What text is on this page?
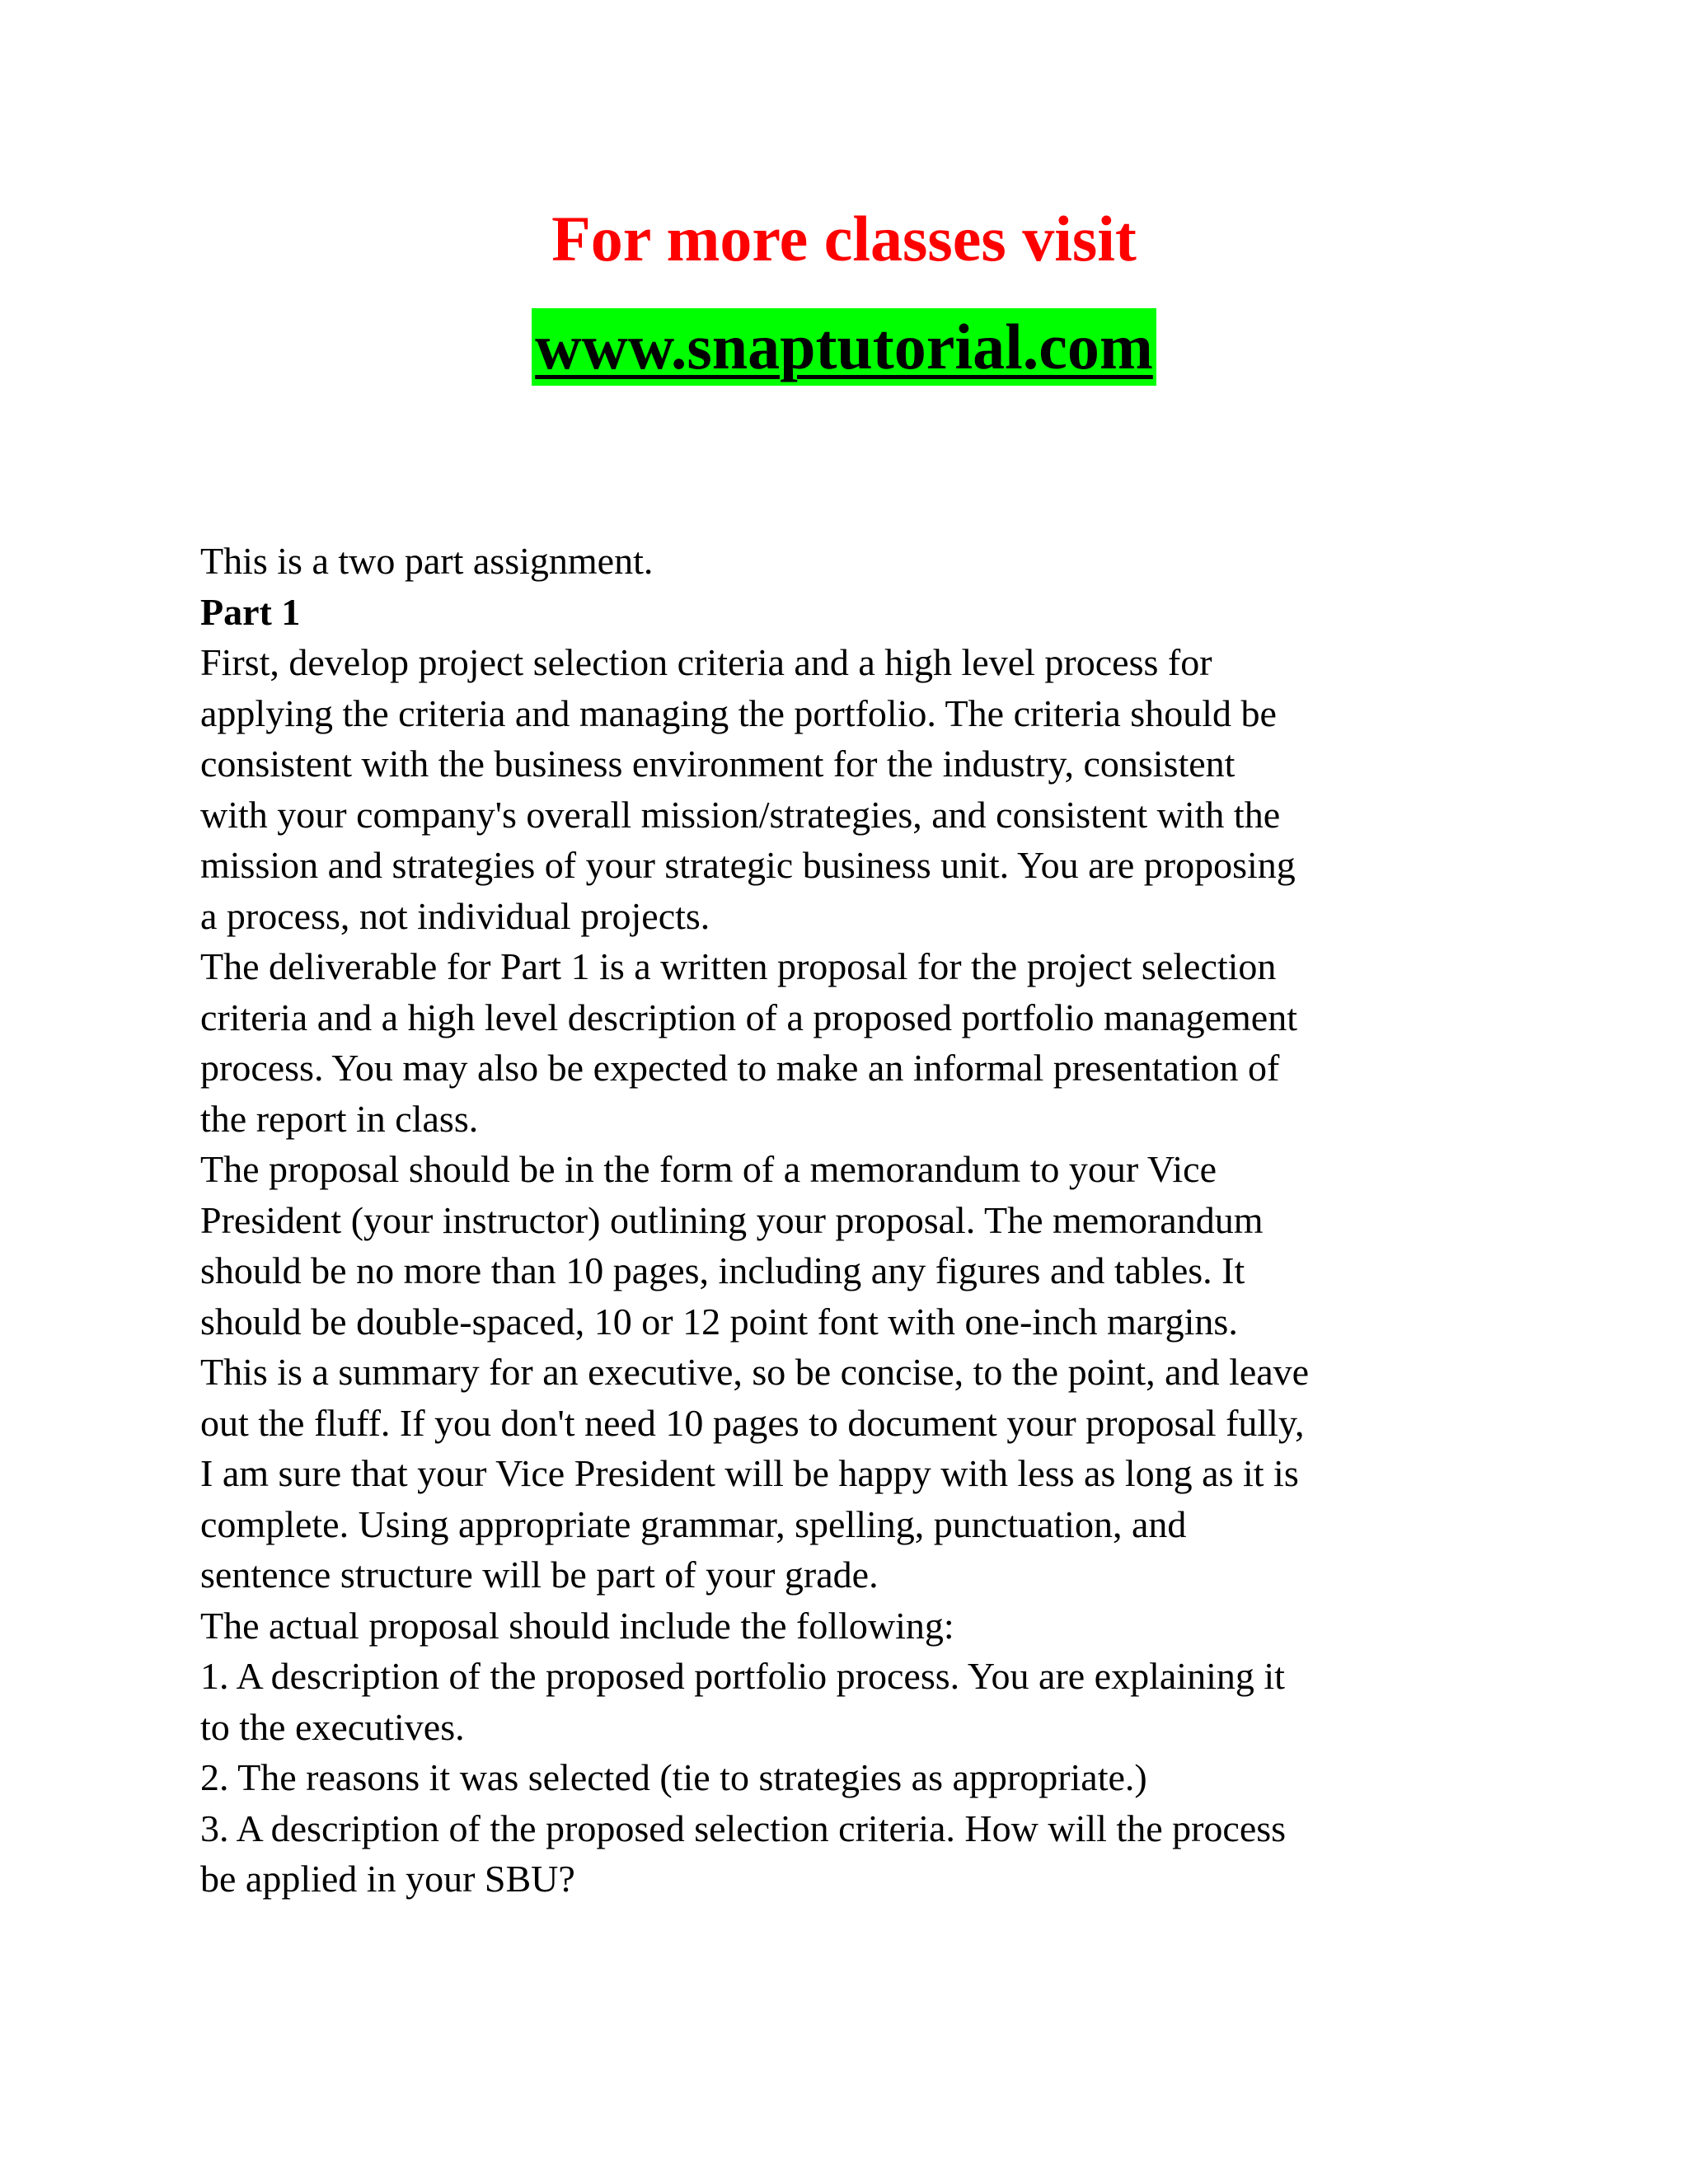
For more classes visit
www.snaptutorial.com
This is a two part assignment.
Part 1
First, develop project selection criteria and a high level process for
applying the criteria and managing the portfolio. The criteria should be
consistent with the business environment for the industry, consistent
with your company's overall mission/strategies, and consistent with the
mission and strategies of your strategic business unit. You are proposing
a process, not individual projects.
The deliverable for Part 1 is a written proposal for the project selection
criteria and a high level description of a proposed portfolio management
process. You may also be expected to make an informal presentation of
the report in class.
The proposal should be in the form of a memorandum to your Vice
President (your instructor) outlining your proposal. The memorandum
should be no more than 10 pages, including any figures and tables. It
should be double-spaced, 10 or 12 point font with one-inch margins.
This is a summary for an executive, so be concise, to the point, and leave
out the fluff. If you don't need 10 pages to document your proposal fully,
I am sure that your Vice President will be happy with less as long as it is
complete. Using appropriate grammar, spelling, punctuation, and
sentence structure will be part of your grade.
The actual proposal should include the following:
1. A description of the proposed portfolio process. You are explaining it
to the executives.
2. The reasons it was selected (tie to strategies as appropriate.)
3. A description of the proposed selection criteria. How will the process
be applied in your SBU?
